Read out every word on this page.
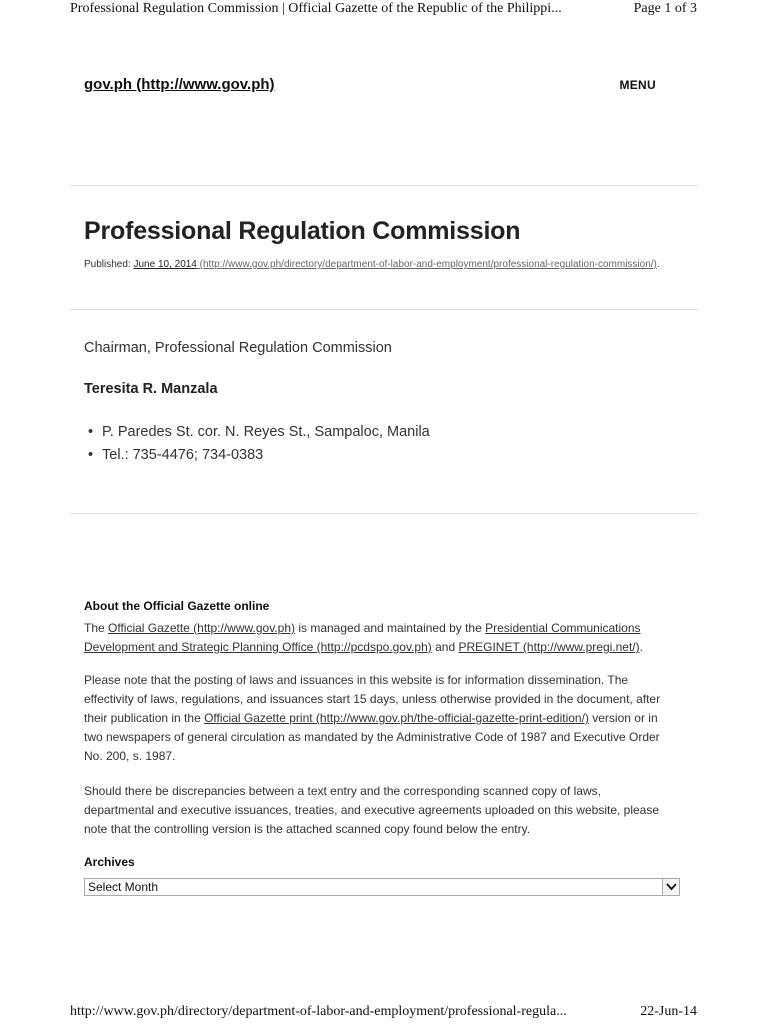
Professional Regulation Commission | Official Gazette of the Republic of the Philippi...	Page 1 of 3
gov.ph (http://www.gov.ph)	MENU
Professional Regulation Commission
Published: June 10, 2014 (http://www.gov.ph/directory/department-of-labor-and-employment/professional-regulation-commission/).
Chairman, Professional Regulation Commission
Teresita R. Manzala
• P. Paredes St. cor. N. Reyes St., Sampaloc, Manila
• Tel.: 735-4476; 734-0383
About the Official Gazette online
The Official Gazette (http://www.gov.ph) is managed and maintained by the Presidential Communications Development and Strategic Planning Office (http://pcdspo.gov.ph) and PREGINET (http://www.pregi.net/).
Please note that the posting of laws and issuances in this website is for information dissemination. The effectivity of laws, regulations, and issuances start 15 days, unless otherwise provided in the document, after their publication in the Official Gazette print (http://www.gov.ph/the-official-gazette-print-edition/) version or in two newspapers of general circulation as mandated by the Administrative Code of 1987 and Executive Order No. 200, s. 1987.
Should there be discrepancies between a text entry and the corresponding scanned copy of laws, departmental and executive issuances, treaties, and executive agreements uploaded on this website, please note that the controlling version is the attached scanned copy found below the entry.
Archives
Select Month
http://www.gov.ph/directory/department-of-labor-and-employment/professional-regula...	22-Jun-14
